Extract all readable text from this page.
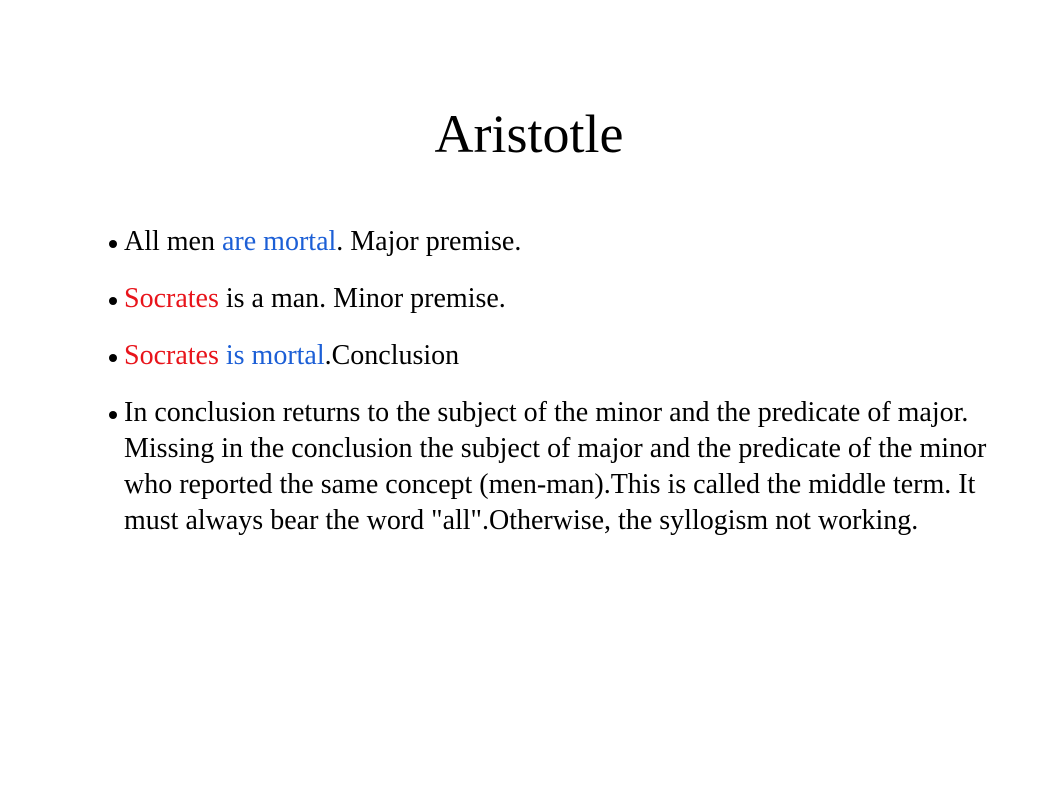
Aristotle
All men are mortal. Major premise.
Socrates is a man. Minor premise.
Socrates is mortal.Conclusion
In conclusion returns to the subject of the minor and the predicate of major. Missing in the conclusion the subject of major and the predicate of the minor who reported the same concept (men-man).This is called the middle term. It must always bear the word "all".Otherwise, the syllogism not working.
